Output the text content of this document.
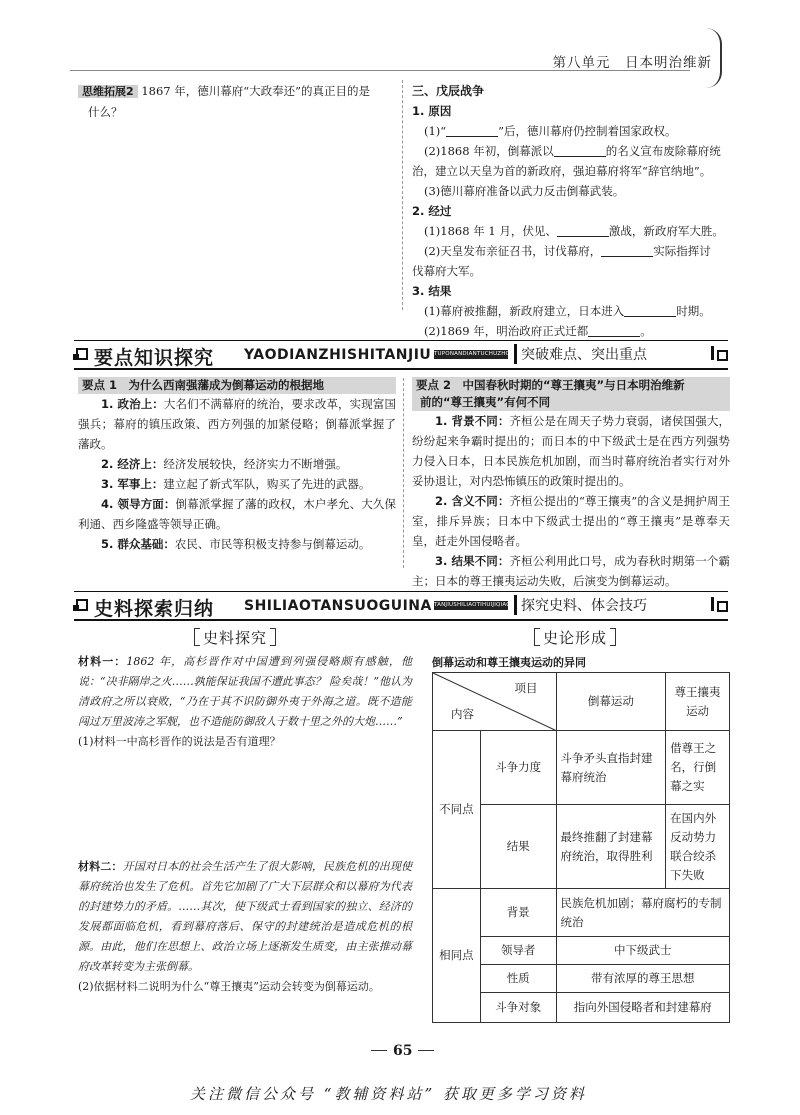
第八单元　日本明治维新
思维拓展2 1867 年，德川幕府“大政奉还”的真正目的是
什么？
三、戊辰战争
1. 原因
(1)“	”后，德川幕府仍控制着国家政权。
(2)1868 年初，倒幕派以	的名义宣布废除幕府统
治，建立以天皇为首的新政府，强迫幕府将军“辞官纳地”。
(3)德川幕府准备以武力反击倒幕武装。
2. 经过
(1)1868 年 1 月，伏见、	激战，新政府军大胜。
(2)天皇发布亲征召书，讨伐幕府，	实际指挥讨
伐幕府大军。
3. 结果
(1)幕府被推翻，新政府建立，日本进入	时期。
(2)1869 年，明治政府正式迁都	。
要点知识探究 YAODIANZHISHITANJIU TUPONANDIANTUCHUZHONGDIAN
突破难点、突出重点
要点 1　为什么西南强藩成为倒幕运动的根据地
1. 政治上：大名们不满幕府的统治，要求改革，实现富国强兵；幕府的镇压政策、西方列强的加紧侵略；倒幕派掌握了藩政。
2. 经济上：经济发展较快，经济实力不断增强。
3. 军事上：建立起了新式军队，购买了先进的武器。
4. 领导方面：倒幕派掌握了藩的政权，木户孝允、大久保利通、西乡隆盛等领导正确。
5. 群众基础：农民、市民等积极支持参与倒幕运动。
要点 2　中国春秋时期的“尊王攘夷”与日本明治维新
前的“尊王攘夷”有何不同
1. 背景不同：齐桓公是在周天子势力衰弱，诸侯国强大，纷纷起来争霸时提出的；而日本的中下级武士是在西方列强势力侵入日本，日本民族危机加剧，而当时幕府统治者实行对外妥协退让，对内恐怖镇压的政策时提出的。
2. 含义不同：齐桓公提出的“尊王攘夷”的含义是拥护周王室，排斥异族；日本中下级武士提出的“尊王攘夷”是尊奉天皇，赶走外国侵略者。
3. 结果不同：齐桓公利用此口号，成为春秋时期第一个霸主；日本的尊王攘夷运动失败，后演变为倒幕运动。
史料探索归纳 SHILIAOTANSUOGUINA TANJIUSHILIAOTIHUIJIQIAO 探究史料、体会技巧
史料探究	史论形成
材料一：1862 年，高杉晋作对中国遭到列强侵略颇有感触，他说：“决非隔岸之火……孰能保证我国不遭此事态？ 险矣哉！”他认为清政府之所以衰败，“乃在于其不识防御外夷于外海之道。既不造能闯过万里波涛之军舰，也不造能防御敌人于数十里之外的大炮……”
(1)材料一中高杉晋作的说法是否有道理？
材料二：开国对日本的社会生活产生了很大影响，民族危机的出现使幕府统治也发生了危机。首先它加剧了广大下层群众和以幕府为代表的封建势力的矛盾。……其次，使下级武士看到国家的独立、经济的发展都面临危机，看到幕府落后、保守的封建统治是造成危机的根源。由此，他们在思想上、政治立场上逐渐发生质变，由主张推动幕府改革转变为主张倒幕。
(2)依据材料二说明为什么“尊王攘夷”运动会转变为倒幕运动。
倒幕运动和尊王攘夷运动的异同
项目
内容		倒幕运动	尊王攘夷运动
不同点	斗争力度	斗争矛头直指封建幕府统治	借尊王之名，行倒幕之实
	结果	最终推翻了封建幕府统治，取得胜利	在国内外反动势力联合绞杀下失败
相同点	背景	民族危机加剧；幕府腐朽的专制统治	
	领导者	中下级武士	
	性质	带有浓厚的尊王思想	
	斗争对象	指向外国侵略者和封建幕府	
65
关注微信公众号 “教辅资料站” 获取更多学习资料
